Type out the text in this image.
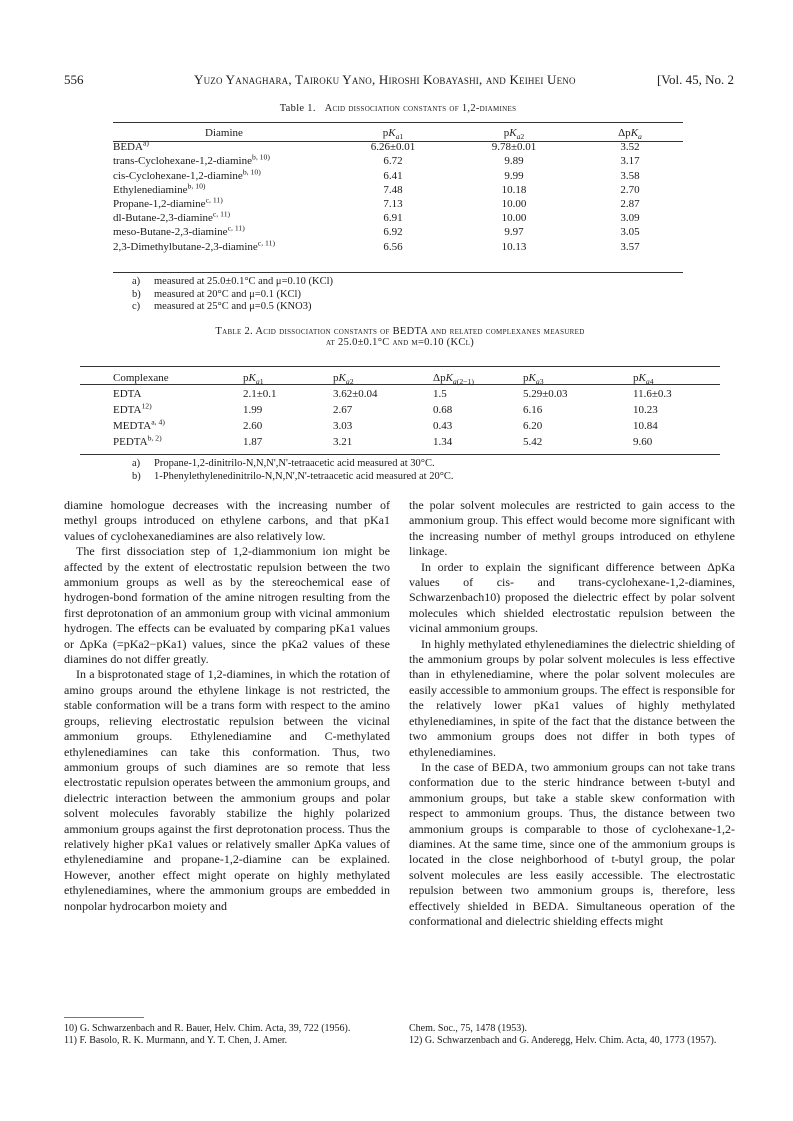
556	Yuzo Yanaghara, Tairoku Yano, Hiroshi Kobayashi, and Keihei Ueno	[Vol. 45, No. 2
Table 1. Acid dissociation constants of 1,2-diamines
Diamine	$pK_{a1}$	$pK_{a2}$	ΔpK$_a$
BEDA$^{a)}$	6.26±0.01	9.78±0.01	3.52
trans-Cyclohexane-1,2-diamine$^{b, 10)}$	6.72	9.89	3.17
cis-Cyclohexane-1,2-diamine$^{b, 10)}$	6.41	9.99	3.58
Ethylenediamine$^{b, 10)}$	7.48	10.18	2.70
Propane-1,2-diamine$^{c, 11)}$	7.13	10.00	2.87
dl-Butane-2,3-diamine$^{c, 11)}$	6.91	10.00	3.09
meso-Butane-2,3-diamine$^{c, 11)}$	6.92	9.97	3.05
2,3-Dimethylbutane-2,3-diamine$^{c, 11)}$	6.56	10.13	3.57
a) measured at 25.0±0.1°C and μ=0.10 (KCl)
b) measured at 20°C and μ=0.1 (KCl)
c) measured at 25°C and μ=0.5 (KNO3)
Table 2. Acid dissociation constants of BEDTA and related complexanes measured
at 25.0±0.1°C and μ=0.10 (KCl)
Complexane	$pK_{a1}$	$pK_{a2}$	ΔpK$_{a(2-1)}$	$pK_{a3}$	$pK_{a4}$
EDTA	2.1±0.1	3.62±0.04	1.5	5.29±0.03	11.6±0.3
EDTA$^{12)}$	1.99	2.67	0.68	6.16	10.23
MEDTA$^{a, 4)}$	2.60	3.03	0.43	6.20	10.84
PEDTA$^{b, 2)}$	1.87	3.21	1.34	5.42	9.60
a) Propane-1,2-dinitrilo-N,N,N',N'-tetraacetic acid measured at 30°C.
b) 1-Phenylethylenedinitrilo-N,N,N',N'-tetraacetic acid measured at 20°C.

diamine homologue decreases with the increasing number of methyl groups introduced on ethylene carbons, and that pKa1 values of cyclohexanediamines are also relatively low.

The first dissociation step of 1,2-diammonium ion might be affected by the extent of electrostatic repulsion between the two ammonium groups as well as by the stereochemical ease of hydrogen-bond formation of the amine nitrogen resulting from the first deprotonation of an ammonium group with vicinal ammonium hydrogen. The effects can be evaluated by comparing pKa1 values or ΔpKa (=pKa2−pKa1) values, since the pKa2 values of these diamines do not differ greatly.

In a bisprotonated stage of 1,2-diamines, in which the rotation of amino groups around the ethylene linkage is not restricted, the stable conformation will be a trans form with respect to the amino groups, relieving electrostatic repulsion between the vicinal ammonium groups. Ethylenediamine and C-methylated ethylenediamines can take this conformation. Thus, two ammonium groups of such diamines are so remote that less electrostatic repulsion operates between the ammonium groups, and dielectric interaction between the ammonium groups and polar solvent molecules favorably stabilize the highly polarized ammonium groups against the first deprotonation process. Thus the relatively higher pKa1 values or relatively smaller ΔpKa values of ethylenediamine and propane-1,2-diamine can be explained. However, another effect might operate on highly methylated ethylenediamines, where the ammonium groups are embedded in nonpolar hydrocarbon moiety and

the polar solvent molecules are restricted to gain access to the ammonium group. This effect would become more significant with the increasing number of methyl groups introduced on ethylene linkage.

In order to explain the significant difference between ΔpKa values of cis- and trans-cyclohexane-1,2-diamines, Schwarzenbach10) proposed the dielectric effect by polar solvent molecules which shielded electrostatic repulsion between the vicinal ammonium groups.

In highly methylated ethylenediamines the dielectric shielding of the ammonium groups by polar solvent molecules is less effective than in ethylenediamine, where the polar solvent molecules are easily accessible to ammonium groups. The effect is responsible for the relatively lower pKa1 values of highly methylated ethylenediamines, in spite of the fact that the distance between the two ammonium groups does not differ in both types of ethylenediamines.

In the case of BEDA, two ammonium groups can not take trans conformation due to the steric hindrance between t-butyl and ammonium groups, but take a stable skew conformation with respect to ammonium groups. Thus, the distance between two ammonium groups is comparable to those of cyclohexane-1,2-diamines. At the same time, since one of the ammonium groups is located in the close neighborhood of t-butyl group, the polar solvent molecules are less easily accessible. The electrostatic repulsion between two ammonium groups is, therefore, less effectively shielded in BEDA. Simultaneous operation of the conformational and dielectric shielding effects might

10) G. Schwarzenbach and R. Bauer, Helv. Chim. Acta, 39, 722 (1956).

11) F. Basolo, R. K. Murmann, and Y. T. Chen, J. Amer.

Chem. Soc., 75, 1478 (1953).

12) G. Schwarzenbach and G. Anderegg, Helv. Chim. Acta, 40, 1773 (1957).
